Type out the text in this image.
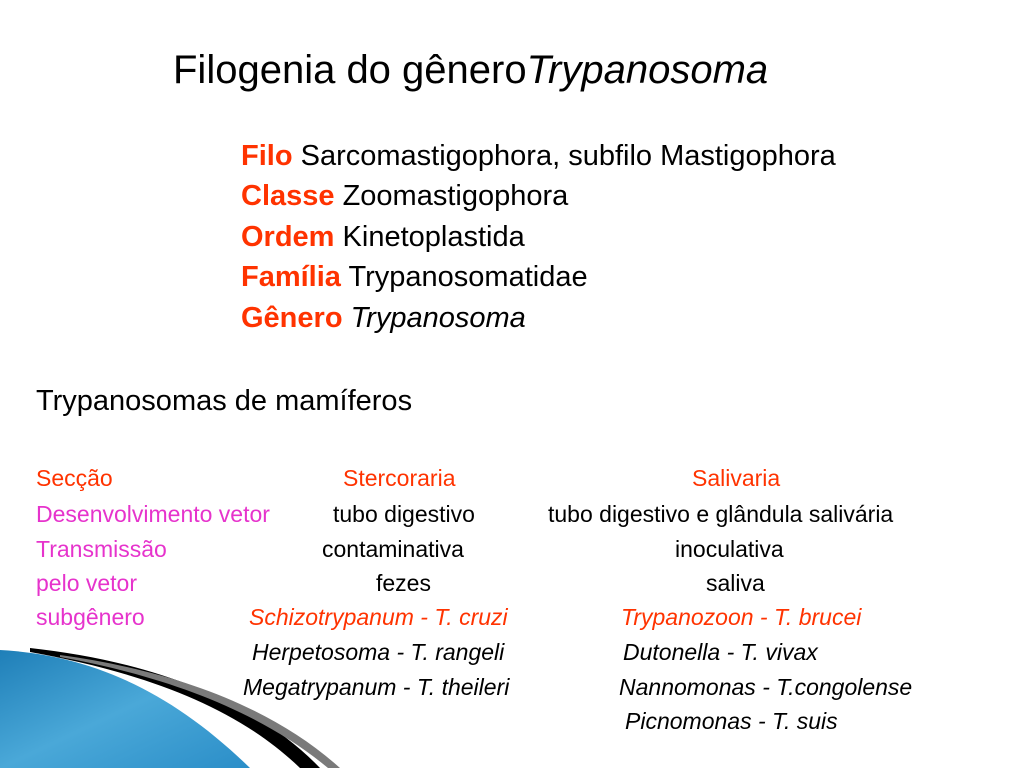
Filogenia do gêneroTrypanosoma
Filo Sarcomastigophora, subfilo Mastigophora
Classe Zoomastigophora
Ordem Kinetoplastida
Família Trypanosomatidae
Gênero Trypanosoma
Trypanosomas de mamíferos
Secção
Desenvolvimento vetor
Transmissão
pelo vetor
subgênero
Stercoraria
tubo digestivo
contaminativa
fezes
Schizotrypanum - T. cruzi
Herpetosoma - T. rangeli
Megatrypanum - T. theileri
Salivaria
tubo digestivo e glândula salivária
inoculativa
saliva
Trypanozoon - T. brucei
Dutonella - T. vivax
Nannomonas - T.congolense
Picnomonas - T. suis
